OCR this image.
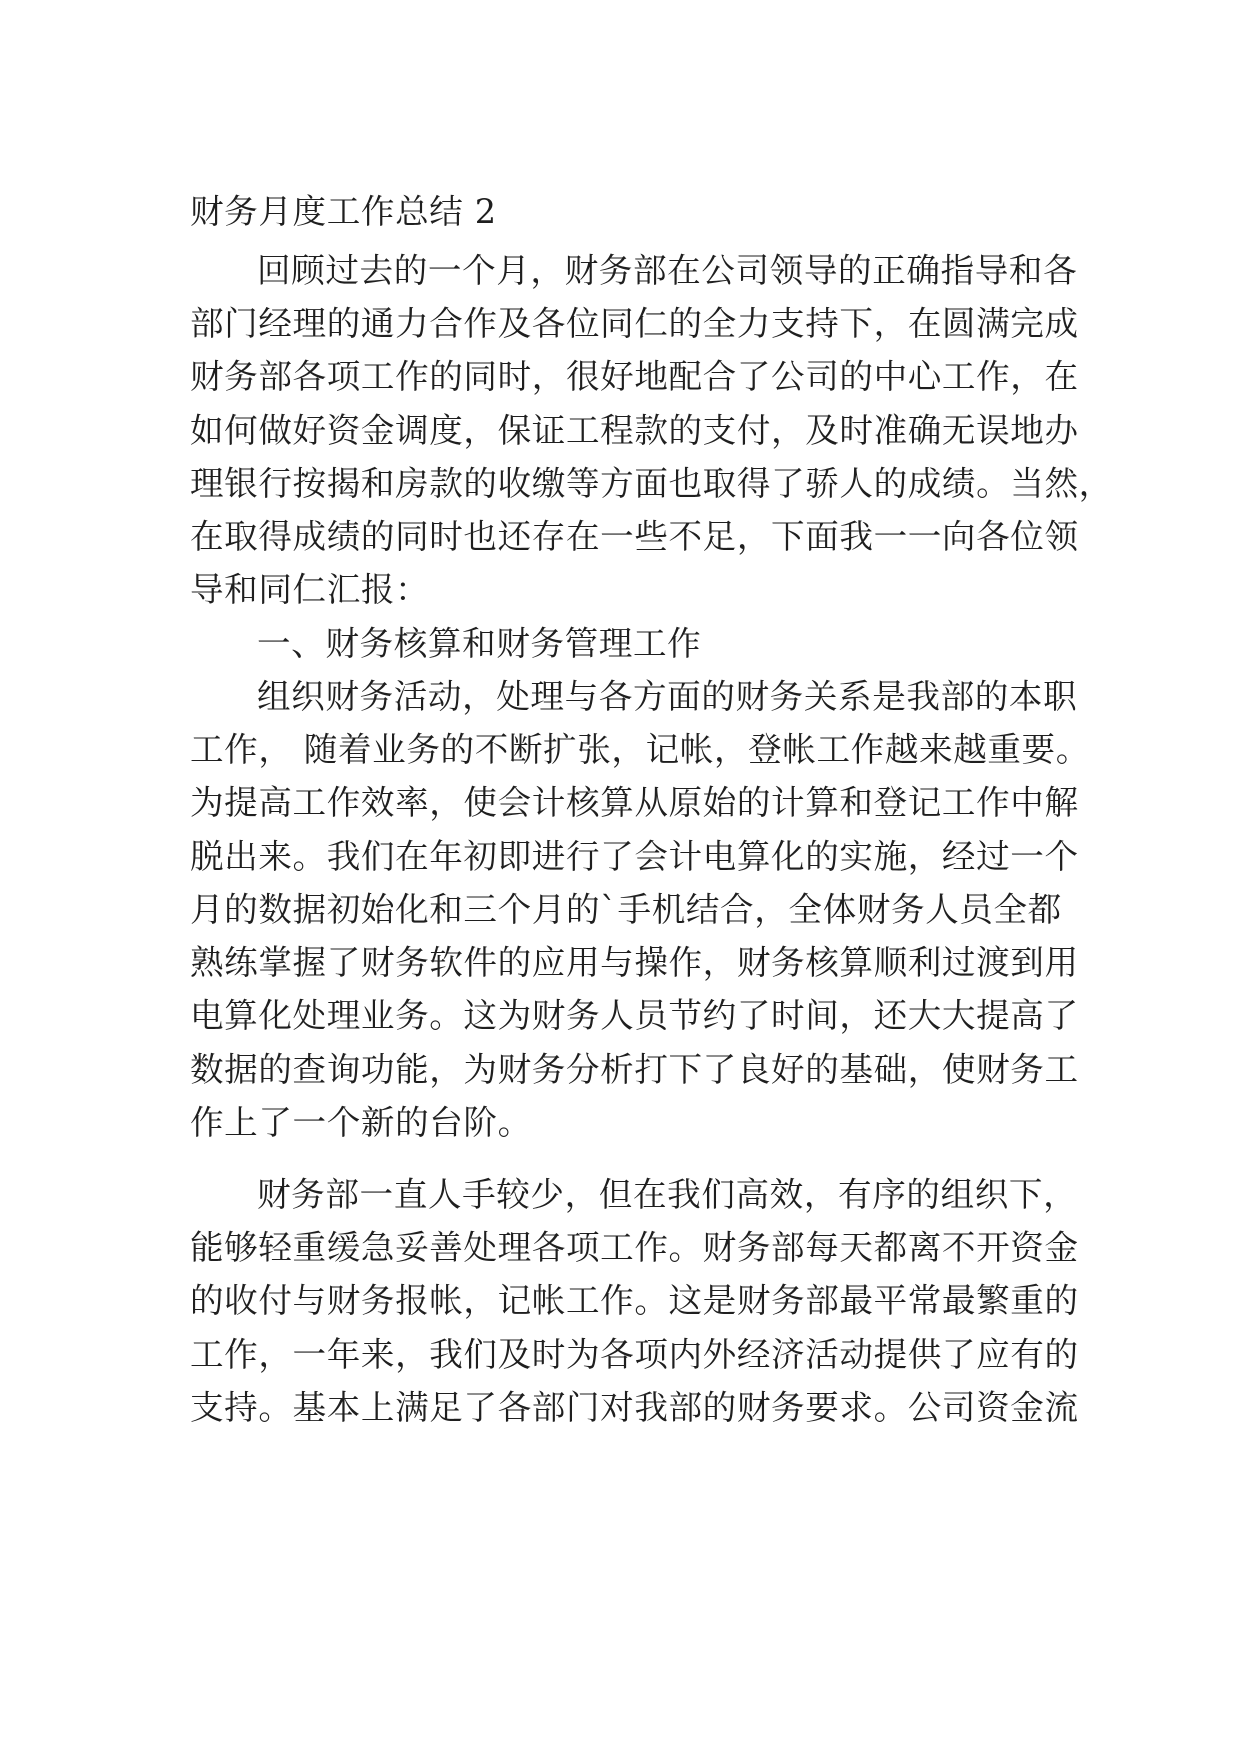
财务月度工作总结 2
回顾过去的一个月，财务部在公司领导的正确指导和各
部门经理的通力合作及各位同仁的全力支持下，在圆满完成
财务部各项工作的同时，很好地配合了公司的中心工作，在
如何做好资金调度，保证工程款的支付，及时准确无误地办
理银行按揭和房款的收缴等方面也取得了骄人的成绩。当然，
在取得成绩的同时也还存在一些不足，下面我一一向各位领
导和同仁汇报：
一、财务核算和财务管理工作
组织财务活动，处理与各方面的财务关系是我部的本职
工作， 随着业务的不断扩张，记帐，登帐工作越来越重要。
为提高工作效率，使会计核算从原始的计算和登记工作中解
脱出来。我们在年初即进行了会计电算化的实施，经过一个
月的数据初始化和三个月的`手机结合，全体财务人员全都
熟练掌握了财务软件的应用与操作，财务核算顺利过渡到用
电算化处理业务。这为财务人员节约了时间，还大大提高了
数据的查询功能，为财务分析打下了良好的基础，使财务工
作上了一个新的台阶。
财务部一直人手较少，但在我们高效，有序的组织下，
能够轻重缓急妥善处理各项工作。财务部每天都离不开资金
的收付与财务报帐，记帐工作。这是财务部最平常最繁重的
工作，一年来，我们及时为各项内外经济活动提供了应有的
支持。基本上满足了各部门对我部的财务要求。公司资金流
